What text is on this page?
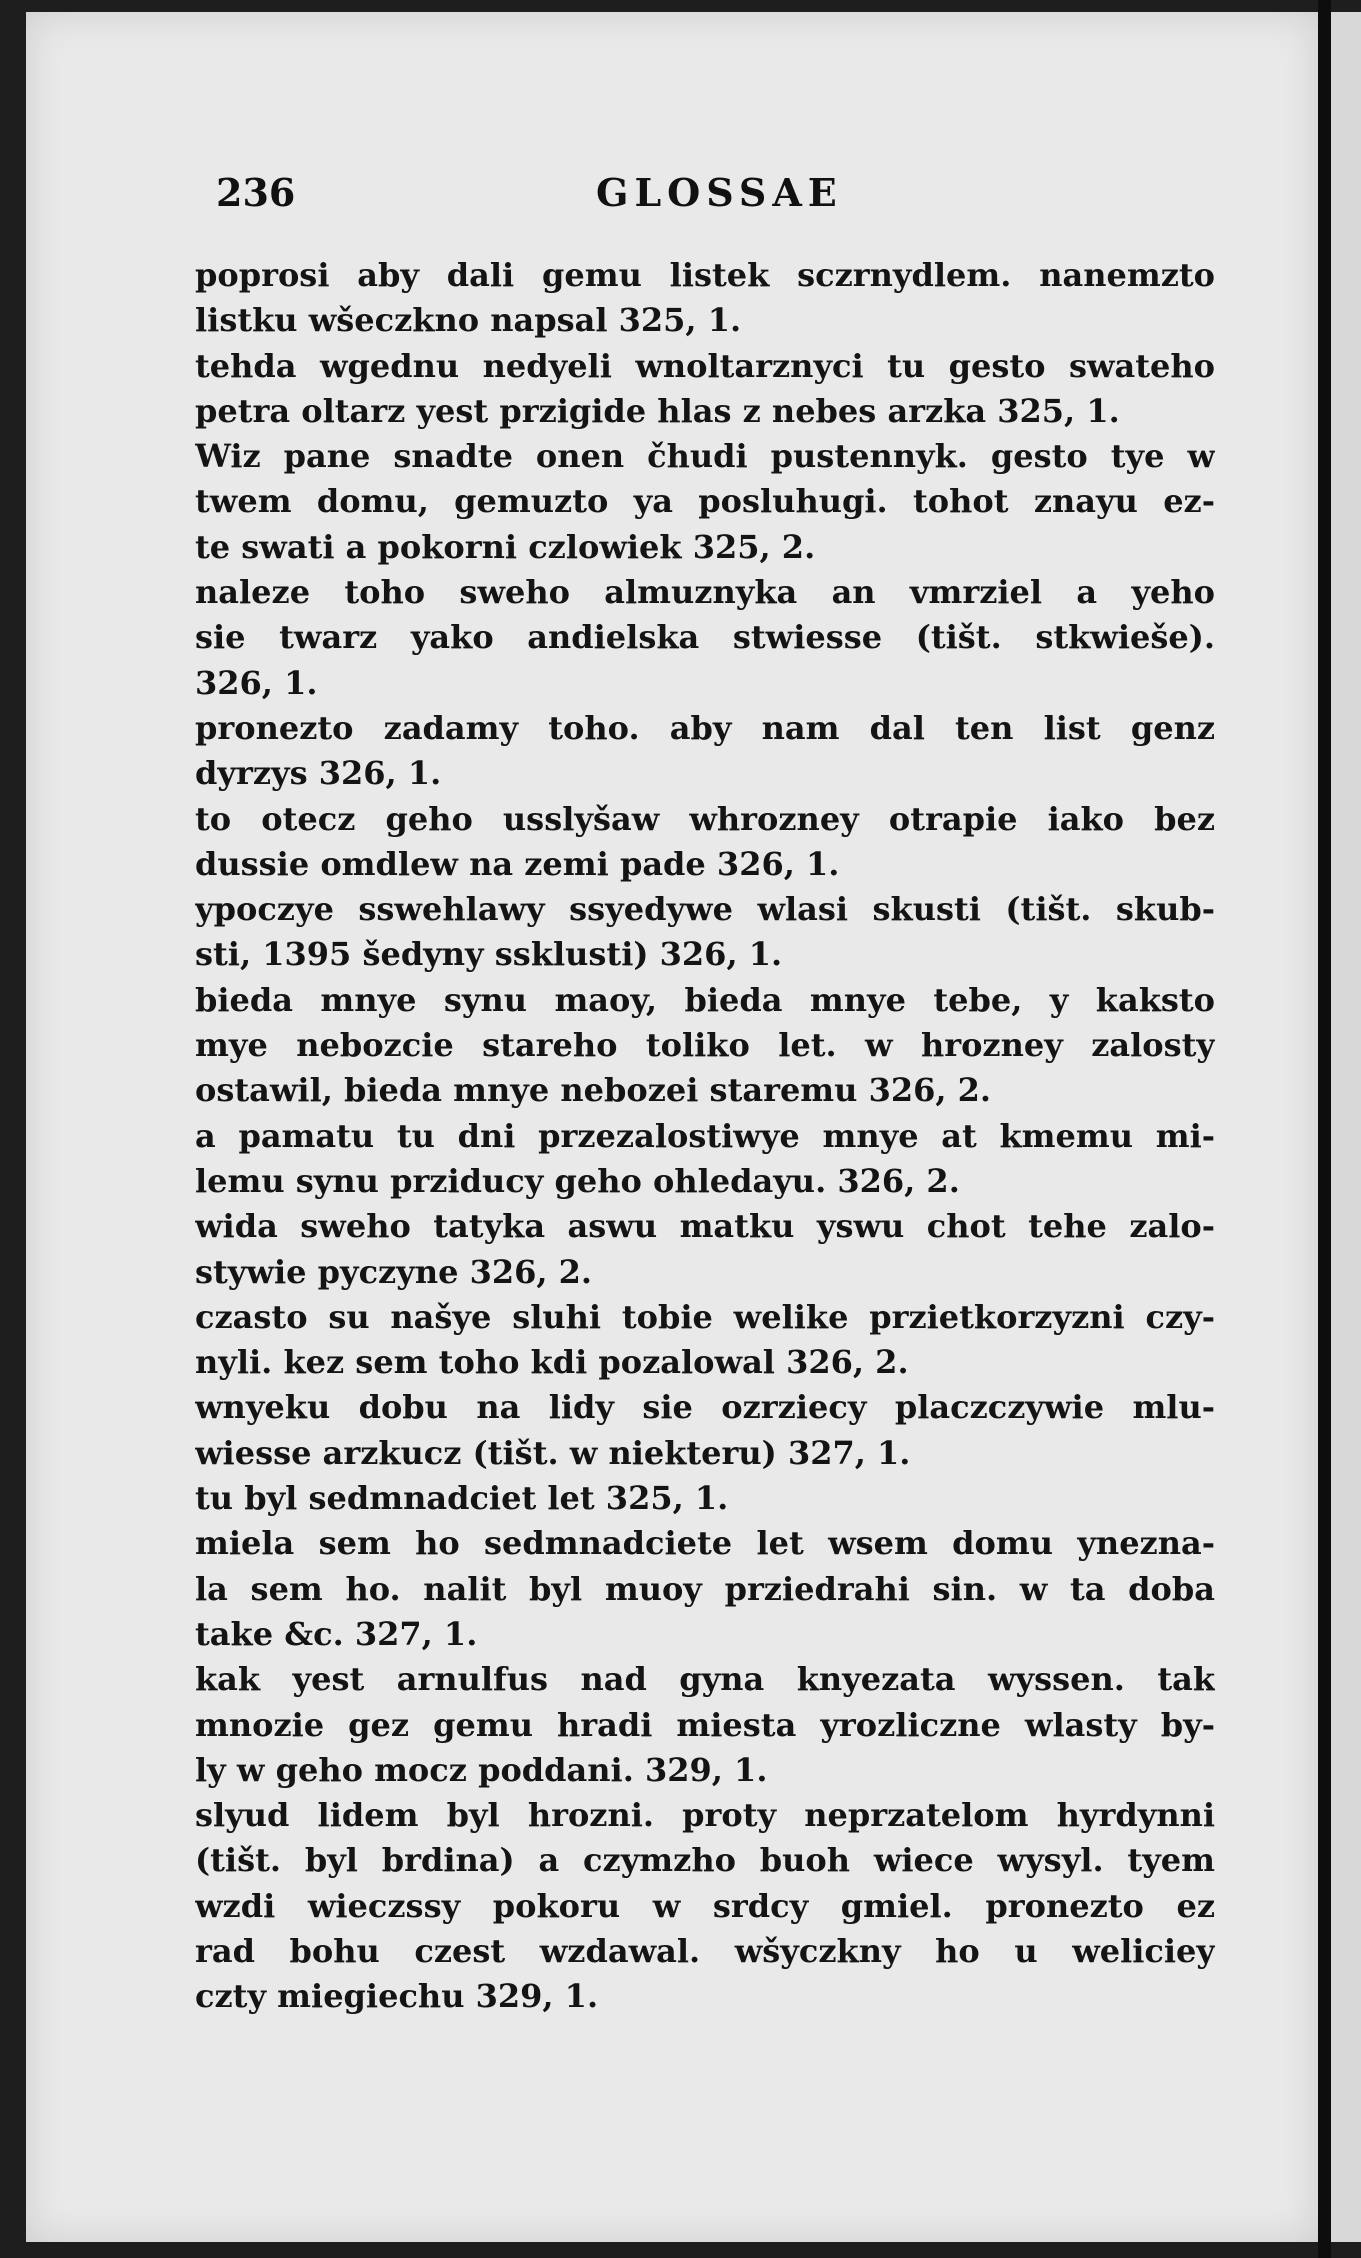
236	GLOSSAE
poprosi aby dali gemu listek sczrnydlem. nanemzto
listku wšeczkno napsal 325, 1.
tehda wgednu nedyeli wnoltarznyci tu gesto swateho
petra oltarz yest przigide hlas z nebes arzka 325, 1.
Wiz pane snadte onen čhudi pustennyk. gesto tye w
twem domu, gemuzto ya posluhugi. tohot znayu ez-
te swati a pokorni czlowiek 325, 2.
naleze toho sweho almuznyka an vmrziel a yeho
sie twarz yako andielska stwiesse (tišt. stkwieše).
326, 1.
pronezto zadamy toho. aby nam dal ten list genz
dyrzys 326, 1.
to otecz geho usslyšaw whrozney otrapie iako bez
dussie omdlew na zemi pade 326, 1.
ypoczye sswehlawy ssyedywe wlasi skusti (tišt. skub-
sti, 1395 šedyny ssklusti) 326, 1.
bieda mnye synu maoy, bieda mnye tebe, y kaksto
mye nebozcie stareho toliko let. w hrozney zalosty
ostawil, bieda mnye nebozei staremu 326, 2.
a pamatu tu dni przezalostiwye mnye at kmemu mi-
lemu synu prziducy geho ohledayu. 326, 2.
wida sweho tatyka aswu matku yswu chot tehe zalo-
stywie pyczyne 326, 2.
czasto su našye sluhi tobie welike przietkorzyzni czy-
nyli. kez sem toho kdi pozalowal 326, 2.
wnyeku dobu na lidy sie ozrziecy placzczywie mlu-
wiesse arzkucz (tišt. w niekteru) 327, 1.
tu byl sedmnadciet let 325, 1.
miela sem ho sedmnadciete let wsem domu ynezna-
la sem ho. nalit byl muoy prziedrahi sin. w ta doba
take &c. 327, 1.
kak yest arnulfus nad gyna knyezata wyssen. tak
mnozie gez gemu hradi miesta yrozliczne wlasty by-
ly w geho mocz poddani. 329, 1.
slyud lidem byl hrozni. proty neprzatelom hyrdynni
(tišt. byl brdina) a czymzho buoh wiece wysyl. tyem
wzdi wieczssy pokoru w srdcy gmiel. pronezto ez
rad bohu czest wzdawal. wšyczkny ho u weliciey
czty miegiechu 329, 1.
